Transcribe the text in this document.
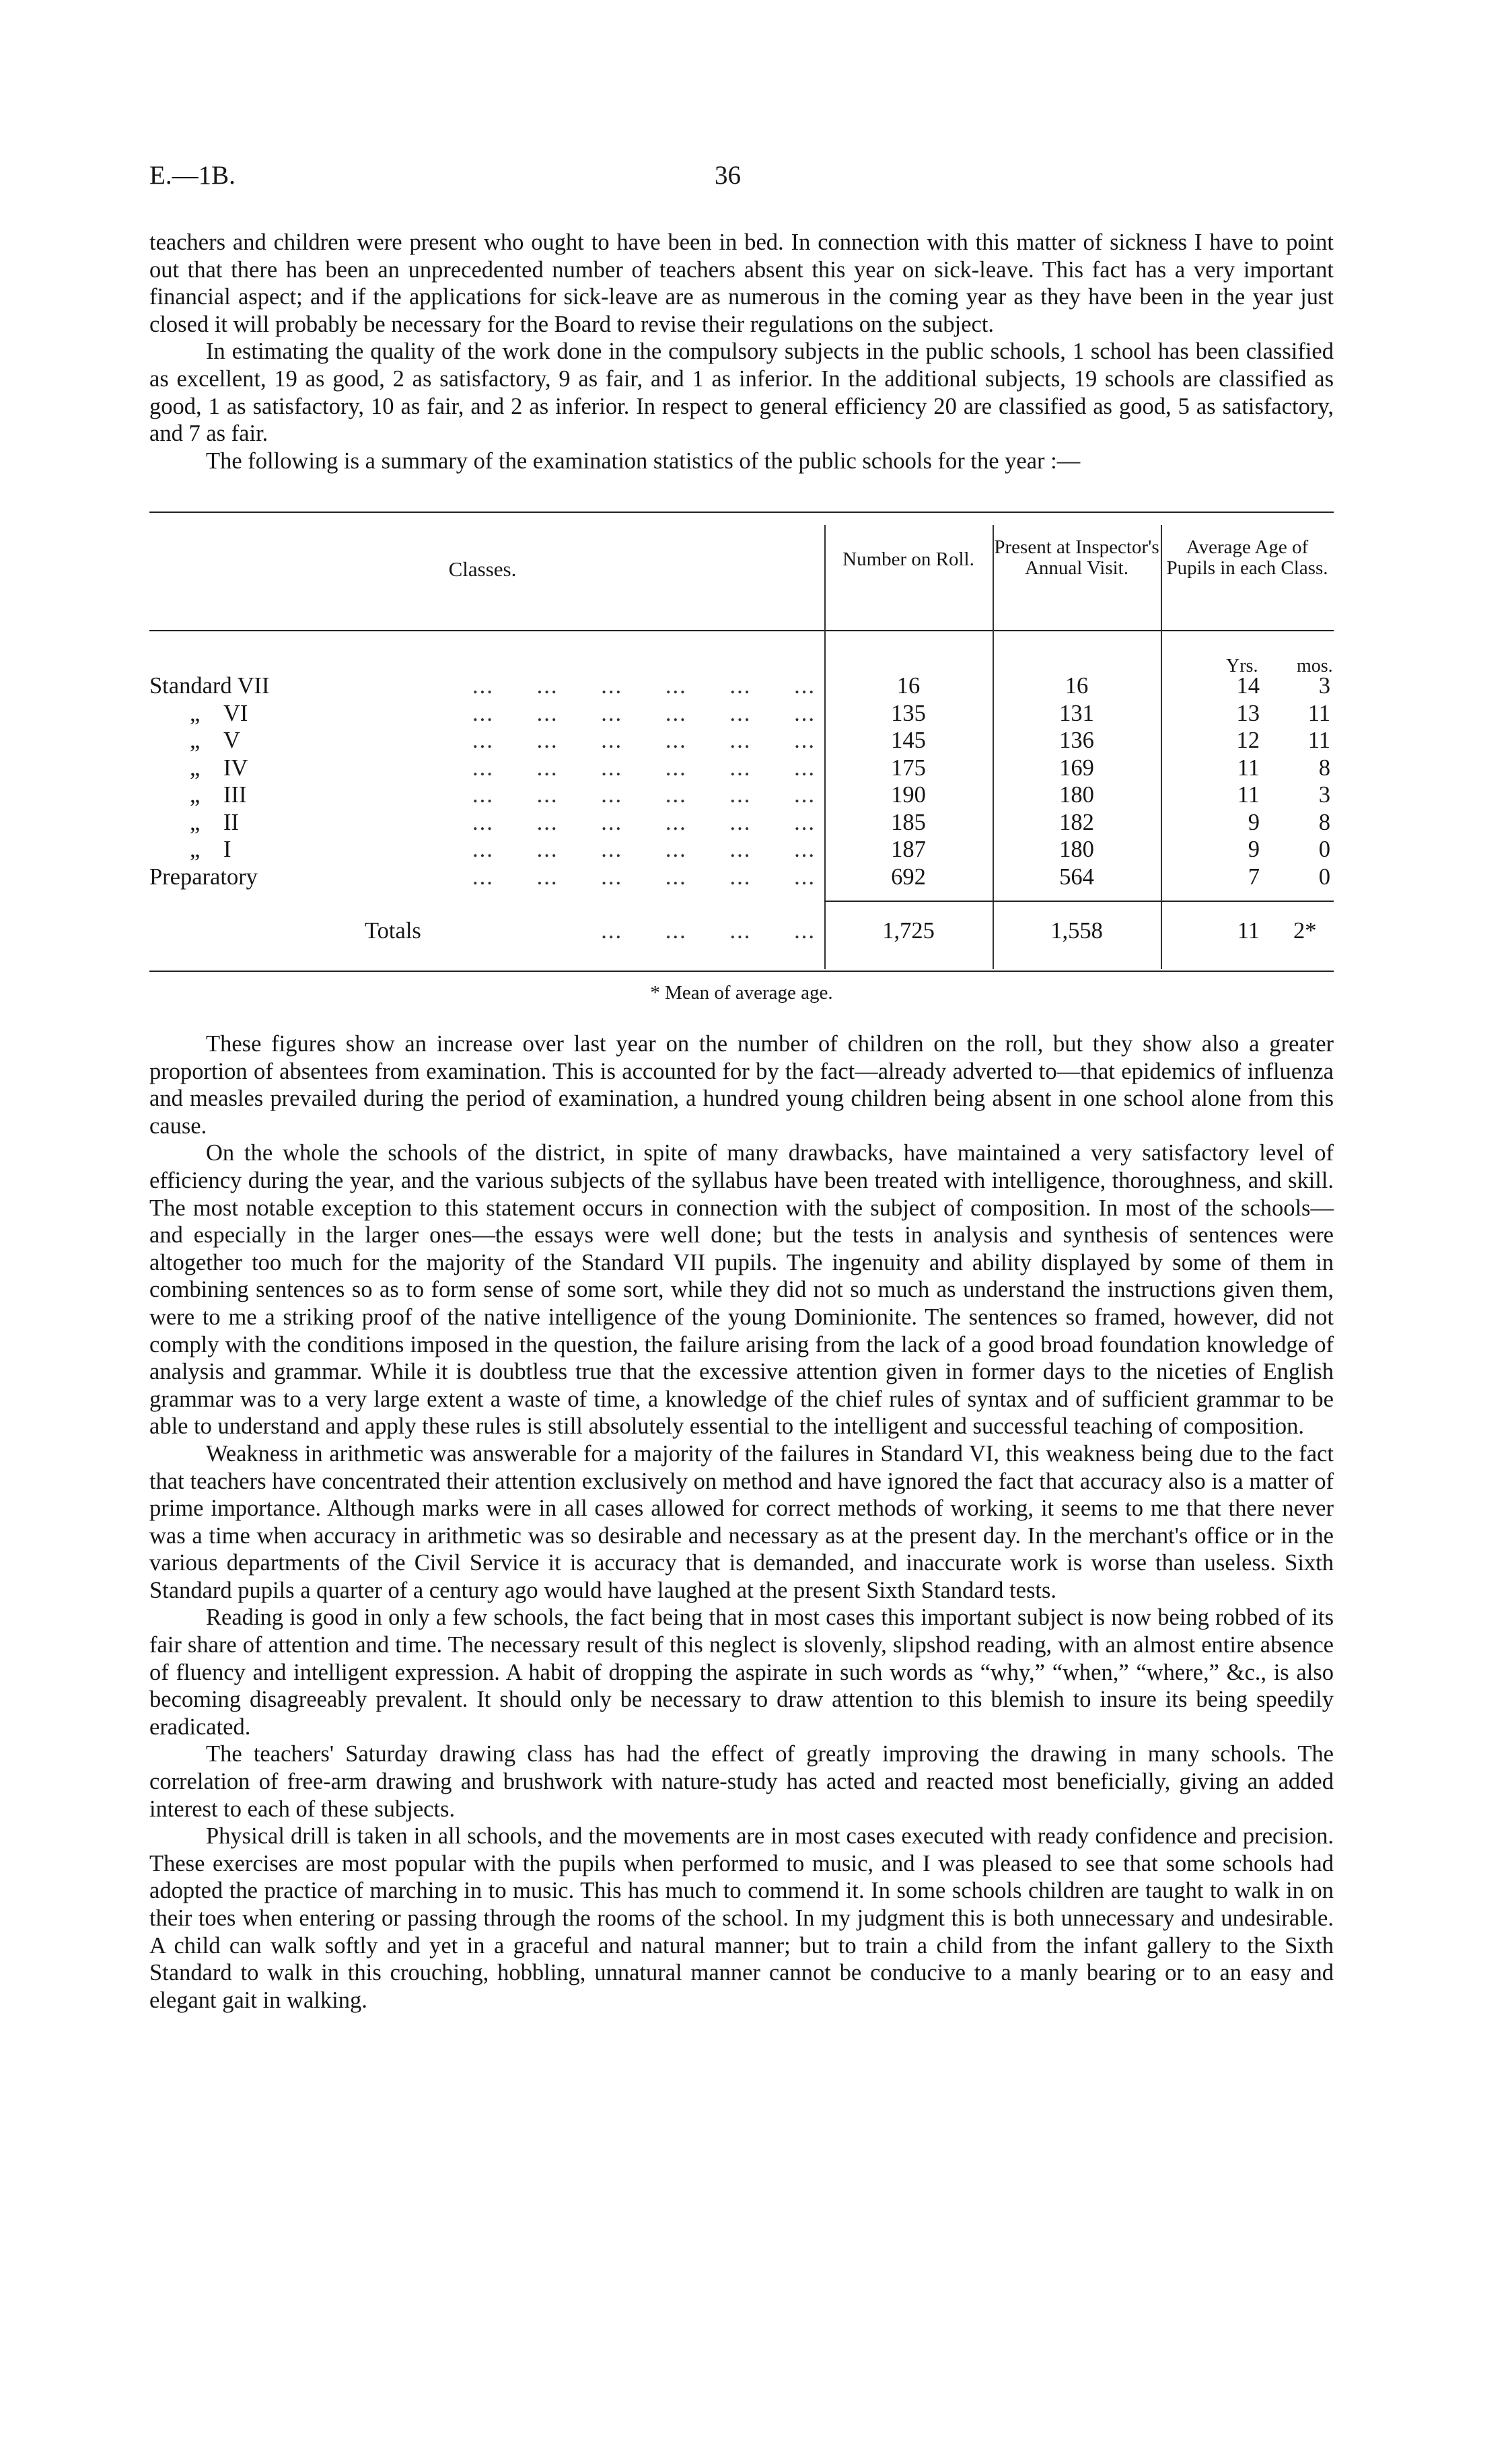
E.—1B.	36

teachers and children were present who ought to have been in bed. In connection with this matter of sickness I have to point out that there has been an unprecedented number of teachers absent this year on sick-leave. This fact has a very important financial aspect; and if the applications for sick-leave are as numerous in the coming year as they have been in the year just closed it will probably be necessary for the Board to revise their regulations on the subject.

In estimating the quality of the work done in the compulsory subjects in the public schools, 1 school has been classified as excellent, 19 as good, 2 as satisfactory, 9 as fair, and 1 as inferior. In the additional subjects, 19 schools are classified as good, 1 as satisfactory, 10 as fair, and 2 as inferior. In respect to general efficiency 20 are classified as good, 5 as satisfactory, and 7 as fair.

The following is a summary of the examination statistics of the public schools for the year :—

Classes.	Number on Roll.
Present at Inspector's Annual Visit.
Average Age of Pupils in each Class.
Yrs. mos.
Standard VII	... ... ... ... ... ...	16	16	14	3
„ VI	... ... ... ... ... ...	135	131	13	11
„ V	... ... ... ... ... ...	145	136	12	11
„ IV	... ... ... ... ... ...	175	169	11	8
„ III	... ... ... ... ... ...	190	180	11	3
„ II	... ... ... ... ... ...	185	182	9	8
„ I	... ... ... ... ... ...	187	180	9	0
Preparatory	... ... ... ... ... ...	692	564	7	0
Totals	... ... ... ...	1,725	1,558	11 2*
* Mean of average age.

These figures show an increase over last year on the number of children on the roll, but they show also a greater proportion of absentees from examination. This is accounted for by the fact—already adverted to—that epidemics of influenza and measles prevailed during the period of examination, a hundred young children being absent in one school alone from this cause.

On the whole the schools of the district, in spite of many drawbacks, have maintained a very satisfactory level of efficiency during the year, and the various subjects of the syllabus have been treated with intelligence, thoroughness, and skill. The most notable exception to this statement occurs in connection with the subject of composition. In most of the schools—and especially in the larger ones—the essays were well done; but the tests in analysis and synthesis of sentences were altogether too much for the majority of the Standard VII pupils. The ingenuity and ability displayed by some of them in combining sentences so as to form sense of some sort, while they did not so much as understand the instructions given them, were to me a striking proof of the native intelligence of the young Dominionite. The sentences so framed, however, did not comply with the conditions imposed in the question, the failure arising from the lack of a good broad foundation knowledge of analysis and grammar. While it is doubtless true that the excessive attention given in former days to the niceties of English grammar was to a very large extent a waste of time, a knowledge of the chief rules of syntax and of sufficient grammar to be able to understand and apply these rules is still absolutely essential to the intelligent and successful teaching of composition.

Weakness in arithmetic was answerable for a majority of the failures in Standard VI, this weakness being due to the fact that teachers have concentrated their attention exclusively on method and have ignored the fact that accuracy also is a matter of prime importance. Although marks were in all cases allowed for correct methods of working, it seems to me that there never was a time when accuracy in arithmetic was so desirable and necessary as at the present day. In the merchant's office or in the various departments of the Civil Service it is accuracy that is demanded, and inaccurate work is worse than useless. Sixth Standard pupils a quarter of a century ago would have laughed at the present Sixth Standard tests.

Reading is good in only a few schools, the fact being that in most cases this important subject is now being robbed of its fair share of attention and time. The necessary result of this neglect is slovenly, slipshod reading, with an almost entire absence of fluency and intelligent expression. A habit of dropping the aspirate in such words as “why,” “when,” “where,” &c., is also becoming disagreeably prevalent. It should only be necessary to draw attention to this blemish to insure its being speedily eradicated.

The teachers' Saturday drawing class has had the effect of greatly improving the drawing in many schools. The correlation of free-arm drawing and brushwork with nature-study has acted and reacted most beneficially, giving an added interest to each of these subjects.

Physical drill is taken in all schools, and the movements are in most cases executed with ready confidence and precision. These exercises are most popular with the pupils when performed to music, and I was pleased to see that some schools had adopted the practice of marching in to music. This has much to commend it. In some schools children are taught to walk in on their toes when entering or passing through the rooms of the school. In my judgment this is both unnecessary and undesirable. A child can walk softly and yet in a graceful and natural manner; but to train a child from the infant gallery to the Sixth Standard to walk in this crouching, hobbling, unnatural manner cannot be conducive to a manly bearing or to an easy and elegant gait in walking.
